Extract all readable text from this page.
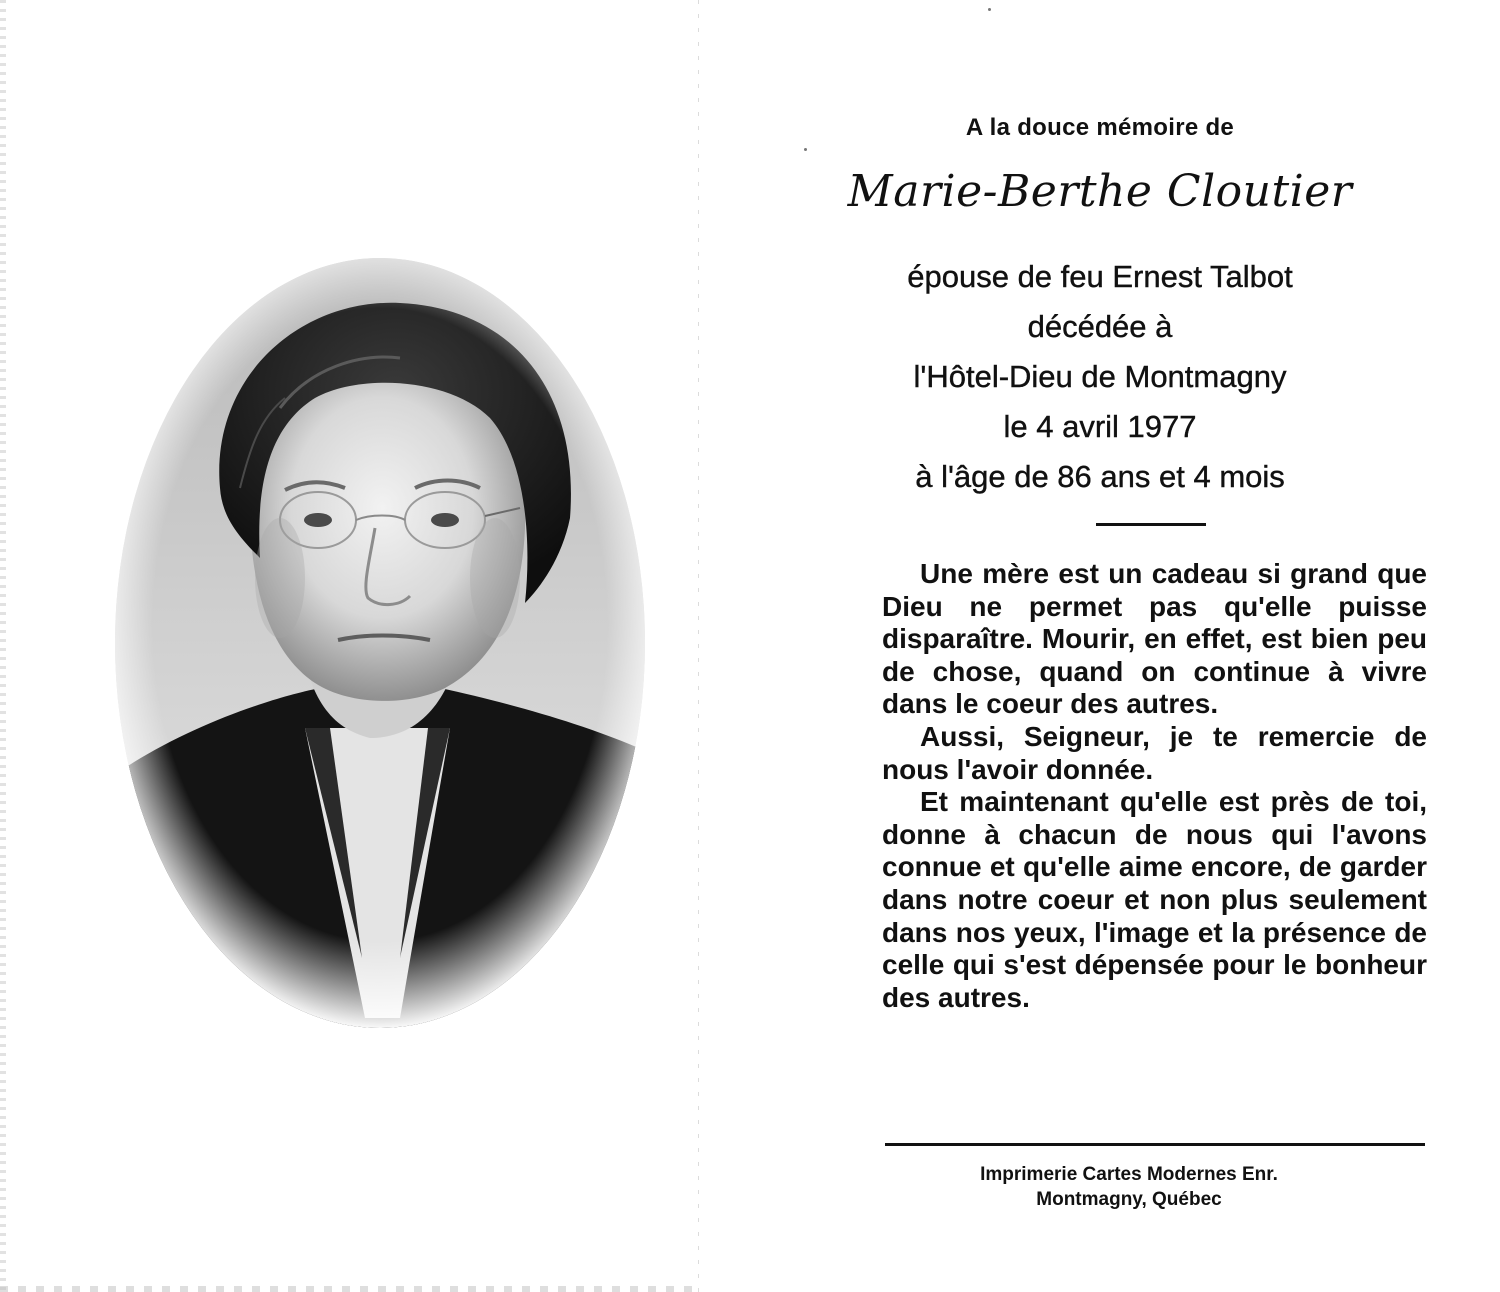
A la douce mémoire de
Marie-Berthe Cloutier
épouse de feu Ernest Talbot
décédée à
l'Hôtel-Dieu de Montmagny
le 4 avril 1977
à l'âge de 86 ans et 4 mois

Une mère est un cadeau si grand que Dieu ne permet pas qu'elle puisse disparaître. Mourir, en effet, est bien peu de chose, quand on continue à vivre dans le coeur des autres.

Aussi, Seigneur, je te remercie de nous l'avoir donnée.

Et maintenant qu'elle est près de toi, donne à chacun de nous qui l'avons connue et qu'elle aime encore, de garder dans notre coeur et non plus seulement dans nos yeux, l'image et la présence de celle qui s'est dépensée pour le bonheur des autres.

Imprimerie Cartes Modernes Enr.
Montmagny, Québec
